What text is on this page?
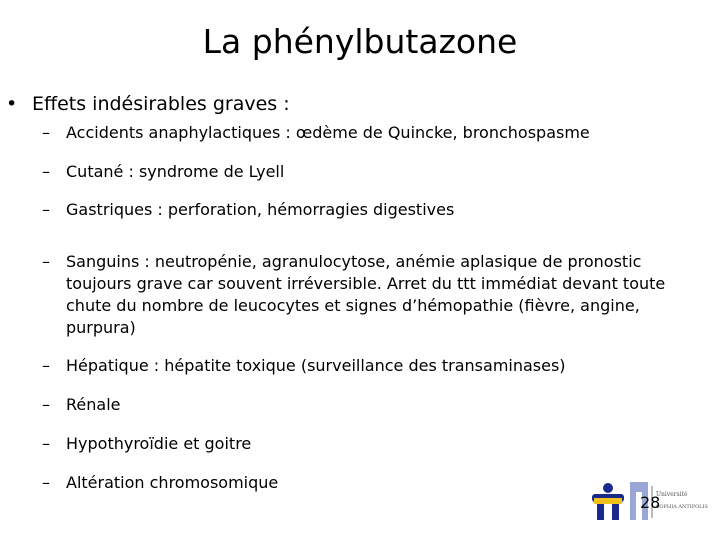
La phénylbutazone
• Effets indésirables graves :
–	Accidents anaphylactiques : œdème de Quincke, bronchospasme
–	Cutané : syndrome de Lyell
–	Gastriques : perforation, hémorragies digestives
–	Sanguins : neutropénie, agranulocytose, anémie aplasique de pronostic toujours grave car souvent irréversible. Arret du ttt immédiat devant toute chute du nombre de leucocytes et signes d’hémopathie (fièvre, angine, purpura)
–	Hépatique : hépatite toxique (surveillance des transaminases)
–	Rénale
–	Hypothyroïdie et goitre
–	Altération chromosomique
Université
SOPHIA ANTIPOLIS
28
